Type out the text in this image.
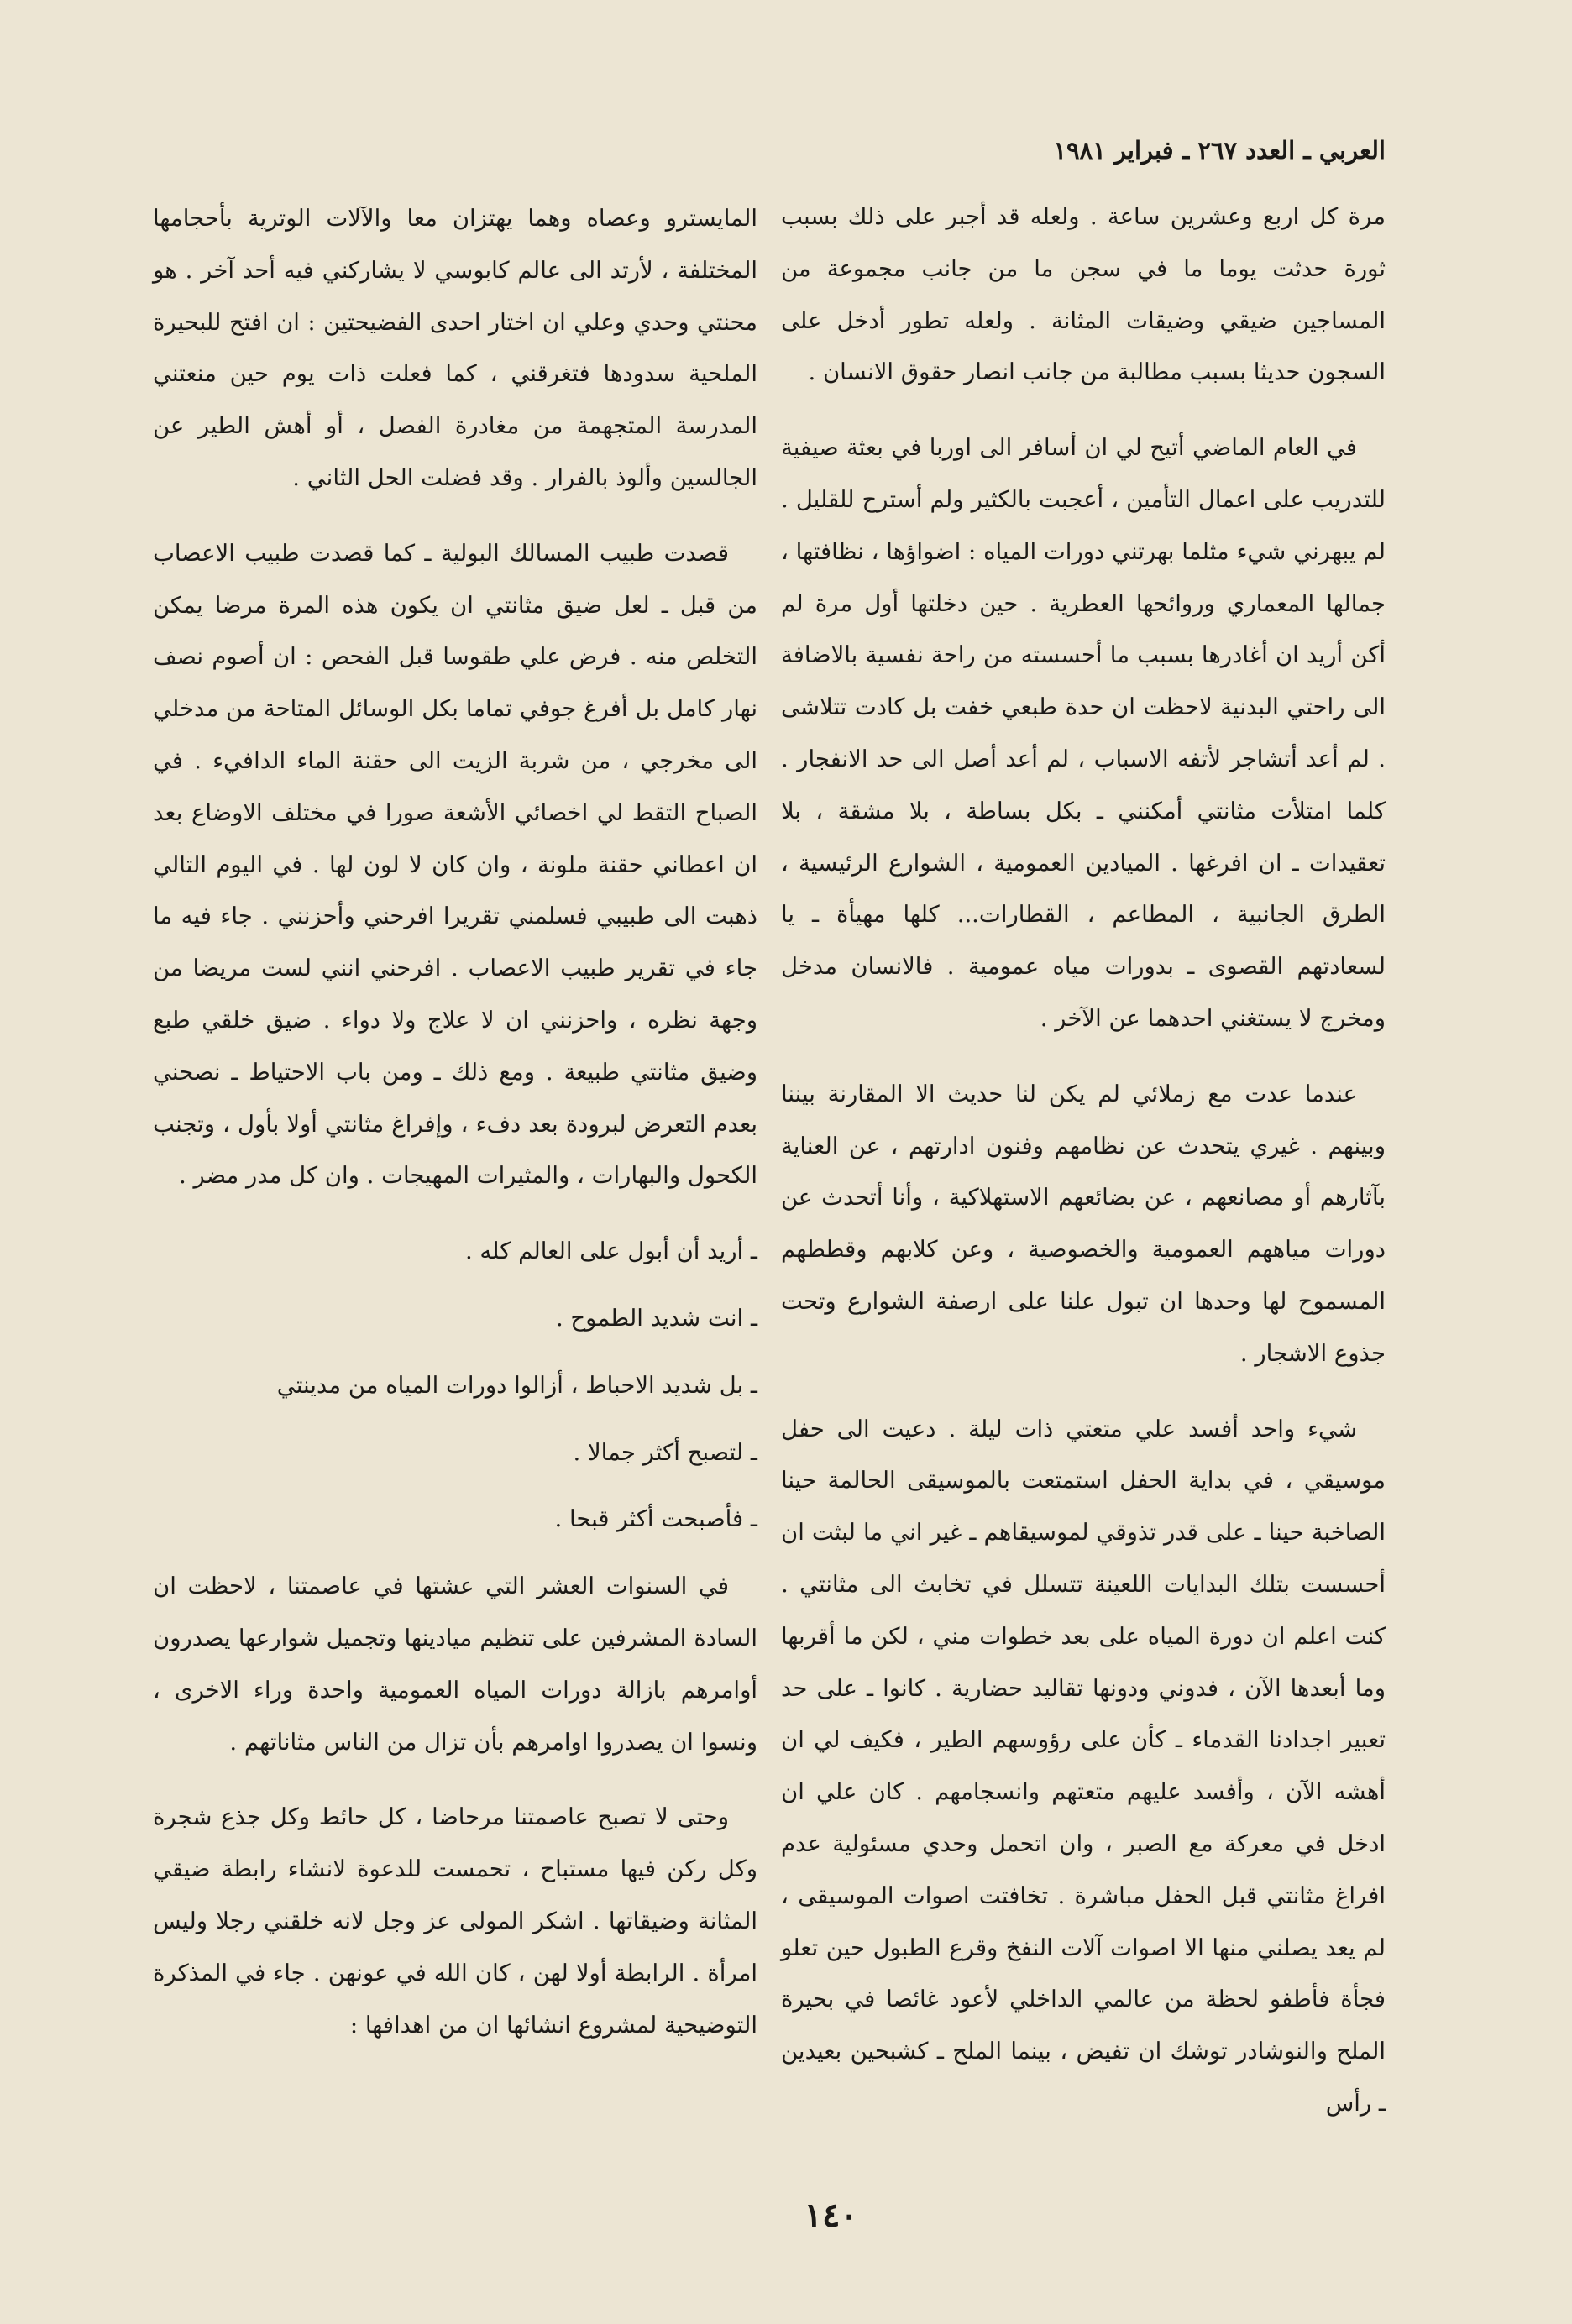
العربي ـ العدد ٢٦٧ ـ فبراير ١٩٨١

مرة كل اربع وعشرين ساعة . ولعله قد أجبر على ذلك بسبب ثورة حدثت يوما ما في سجن ما من جانب مجموعة من المساجين ضيقي وضيقات المثانة . ولعله تطور أدخل على السجون حديثا بسبب مطالبة من جانب انصار حقوق الانسان .

في العام الماضي أتيح لي ان أسافر الى اوربا في بعثة صيفية للتدريب على اعمال التأمين ، أعجبت بالكثير ولم أسترح للقليل . لم يبهرني شيء مثلما بهرتني دورات المياه : اضواؤها ، نظافتها ، جمالها المعماري وروائحها العطرية . حين دخلتها أول مرة لم أكن أريد ان أغادرها بسبب ما أحسسته من راحة نفسية بالاضافة الى راحتي البدنية لاحظت ان حدة طبعي خفت بل كادت تتلاشى . لم أعد أتشاجر لأتفه الاسباب ، لم أعد أصل الى حد الانفجار . كلما امتلأت مثانتي أمكنني ـ بكل بساطة ، بلا مشقة ، بلا تعقيدات ـ ان افرغها . الميادين العمومية ، الشوارع الرئيسية ، الطرق الجانبية ، المطاعم ، القطارات... كلها مهيأة ـ يا لسعادتهم القصوى ـ بدورات مياه عمومية . فالانسان مدخل ومخرج لا يستغني احدهما عن الآخر .

عندما عدت مع زملائي لم يكن لنا حديث الا المقارنة بيننا وبينهم . غيري يتحدث عن نظامهم وفنون ادارتهم ، عن العناية بآثارهم أو مصانعهم ، عن بضائعهم الاستهلاكية ، وأنا أتحدث عن دورات مياههم العمومية والخصوصية ، وعن كلابهم وقططهم المسموح لها وحدها ان تبول علنا على ارصفة الشوارع وتحت جذوع الاشجار .

شيء واحد أفسد علي متعتي ذات ليلة . دعيت الى حفل موسيقي ، في بداية الحفل استمتعت بالموسيقى الحالمة حينا الصاخبة حينا ـ على قدر تذوقي لموسيقاهم ـ غير اني ما لبثت ان أحسست بتلك البدايات اللعينة تتسلل في تخابث الى مثانتي . كنت اعلم ان دورة المياه على بعد خطوات مني ، لكن ما أقربها وما أبعدها الآن ، فدوني ودونها تقاليد حضارية . كانوا ـ على حد تعبير اجدادنا القدماء ـ كأن على رؤوسهم الطير ، فكيف لي ان أهشه الآن ، وأفسد عليهم متعتهم وانسجامهم . كان علي ان ادخل في معركة مع الصبر ، وان اتحمل وحدي مسئولية عدم افراغ مثانتي قبل الحفل مباشرة . تخافتت اصوات الموسيقى ، لم يعد يصلني منها الا اصوات آلات النفخ وقرع الطبول حين تعلو فجأة فأطفو لحظة من عالمي الداخلي لأعود غائصا في بحيرة الملح والنوشادر توشك ان تفيض ، بينما الملح ـ كشبحين بعيدين ـ رأس

المايسترو وعصاه وهما يهتزان معا والآلات الوترية بأحجامها المختلفة ، لأرتد الى عالم كابوسي لا يشاركني فيه أحد آخر . هو محنتي وحدي وعلي ان اختار احدى الفضيحتين : ان افتح للبحيرة الملحية سدودها فتغرقني ، كما فعلت ذات يوم حين منعتني المدرسة المتجهمة من مغادرة الفصل ، أو أهش الطير عن الجالسين وألوذ بالفرار . وقد فضلت الحل الثاني .

قصدت طبيب المسالك البولية ـ كما قصدت طبيب الاعصاب من قبل ـ لعل ضيق مثانتي ان يكون هذه المرة مرضا يمكن التخلص منه . فرض علي طقوسا قبل الفحص : ان أصوم نصف نهار كامل بل أفرغ جوفي تماما بكل الوسائل المتاحة من مدخلي الى مخرجي ، من شربة الزيت الى حقنة الماء الدافيء . في الصباح التقط لي اخصائي الأشعة صورا في مختلف الاوضاع بعد ان اعطاني حقنة ملونة ، وان كان لا لون لها . في اليوم التالي ذهبت الى طبيبي فسلمني تقريرا افرحني وأحزنني . جاء فيه ما جاء في تقرير طبيب الاعصاب . افرحني انني لست مريضا من وجهة نظره ، واحزنني ان لا علاج ولا دواء . ضيق خلقي طبع وضيق مثانتي طبيعة . ومع ذلك ـ ومن باب الاحتياط ـ نصحني بعدم التعرض لبرودة بعد دفء ، وإفراغ مثانتي أولا بأول ، وتجنب الكحول والبهارات ، والمثيرات المهيجات . وان كل مدر مضر .

ـ أريد أن أبول على العالم كله .

ـ انت شديد الطموح .

ـ بل شديد الاحباط ، أزالوا دورات المياه من مدينتي

ـ لتصبح أكثر جمالا .

ـ فأصبحت أكثر قبحا .

في السنوات العشر التي عشتها في عاصمتنا ، لاحظت ان السادة المشرفين على تنظيم ميادينها وتجميل شوارعها يصدرون أوامرهم بازالة دورات المياه العمومية واحدة وراء الاخرى ، ونسوا ان يصدروا اوامرهم بأن تزال من الناس مثاناتهم .

وحتى لا تصبح عاصمتنا مرحاضا ، كل حائط وكل جذع شجرة وكل ركن فيها مستباح ، تحمست للدعوة لانشاء رابطة ضيقي المثانة وضيقاتها . اشكر المولى عز وجل لانه خلقني رجلا وليس امرأة . الرابطة أولا لهن ، كان الله في عونهن . جاء في المذكرة التوضيحية لمشروع انشائها ان من اهدافها :

١٤٠
